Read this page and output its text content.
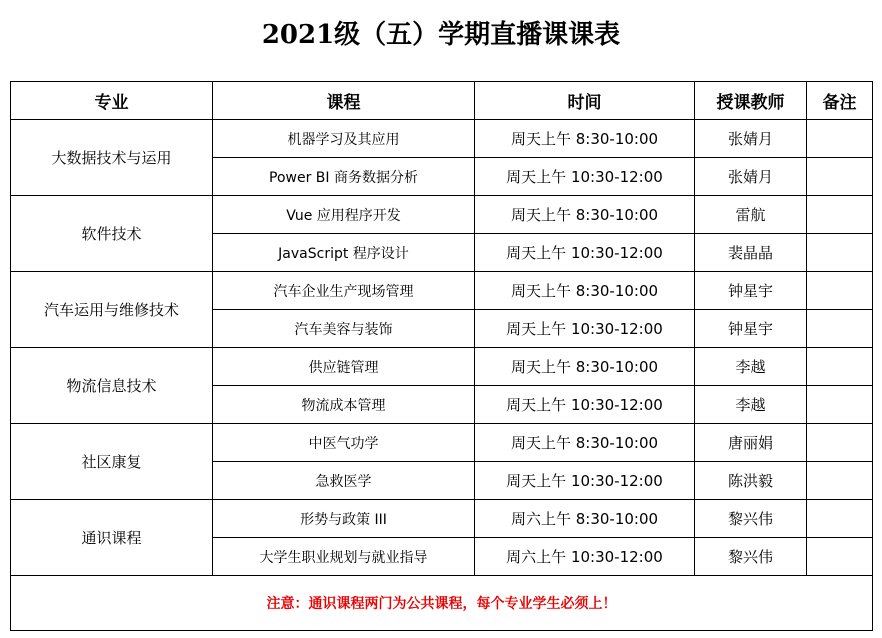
2021级（五）学期直播课课表
专业	课程	时间	授课教师	备注
大数据技术与运用	机器学习及其应用	周天上午 8:30-10:00	张婧月	
	Power BI 商务数据分析	周天上午 10:30-12:00	张婧月	
软件技术	Vue 应用程序开发	周天上午 8:30-10:00	雷航	
	JavaScript 程序设计	周天上午 10:30-12:00	裴晶晶	
汽车运用与维修技术	汽车企业生产现场管理	周天上午 8:30-10:00	钟星宇	
	汽车美容与装饰	周天上午 10:30-12:00	钟星宇	
物流信息技术	供应链管理	周天上午 8:30-10:00	李越	
	物流成本管理	周天上午 10:30-12:00	李越	
社区康复	中医气功学	周天上午 8:30-10:00	唐丽娟	
	急救医学	周天上午 10:30-12:00	陈洪毅	
通识课程	形势与政策 III	周六上午 8:30-10:00	黎兴伟	
	大学生职业规划与就业指导	周六上午 10:30-12:00	黎兴伟	
注意：通识课程两门为公共课程，每个专业学生必须上！				
